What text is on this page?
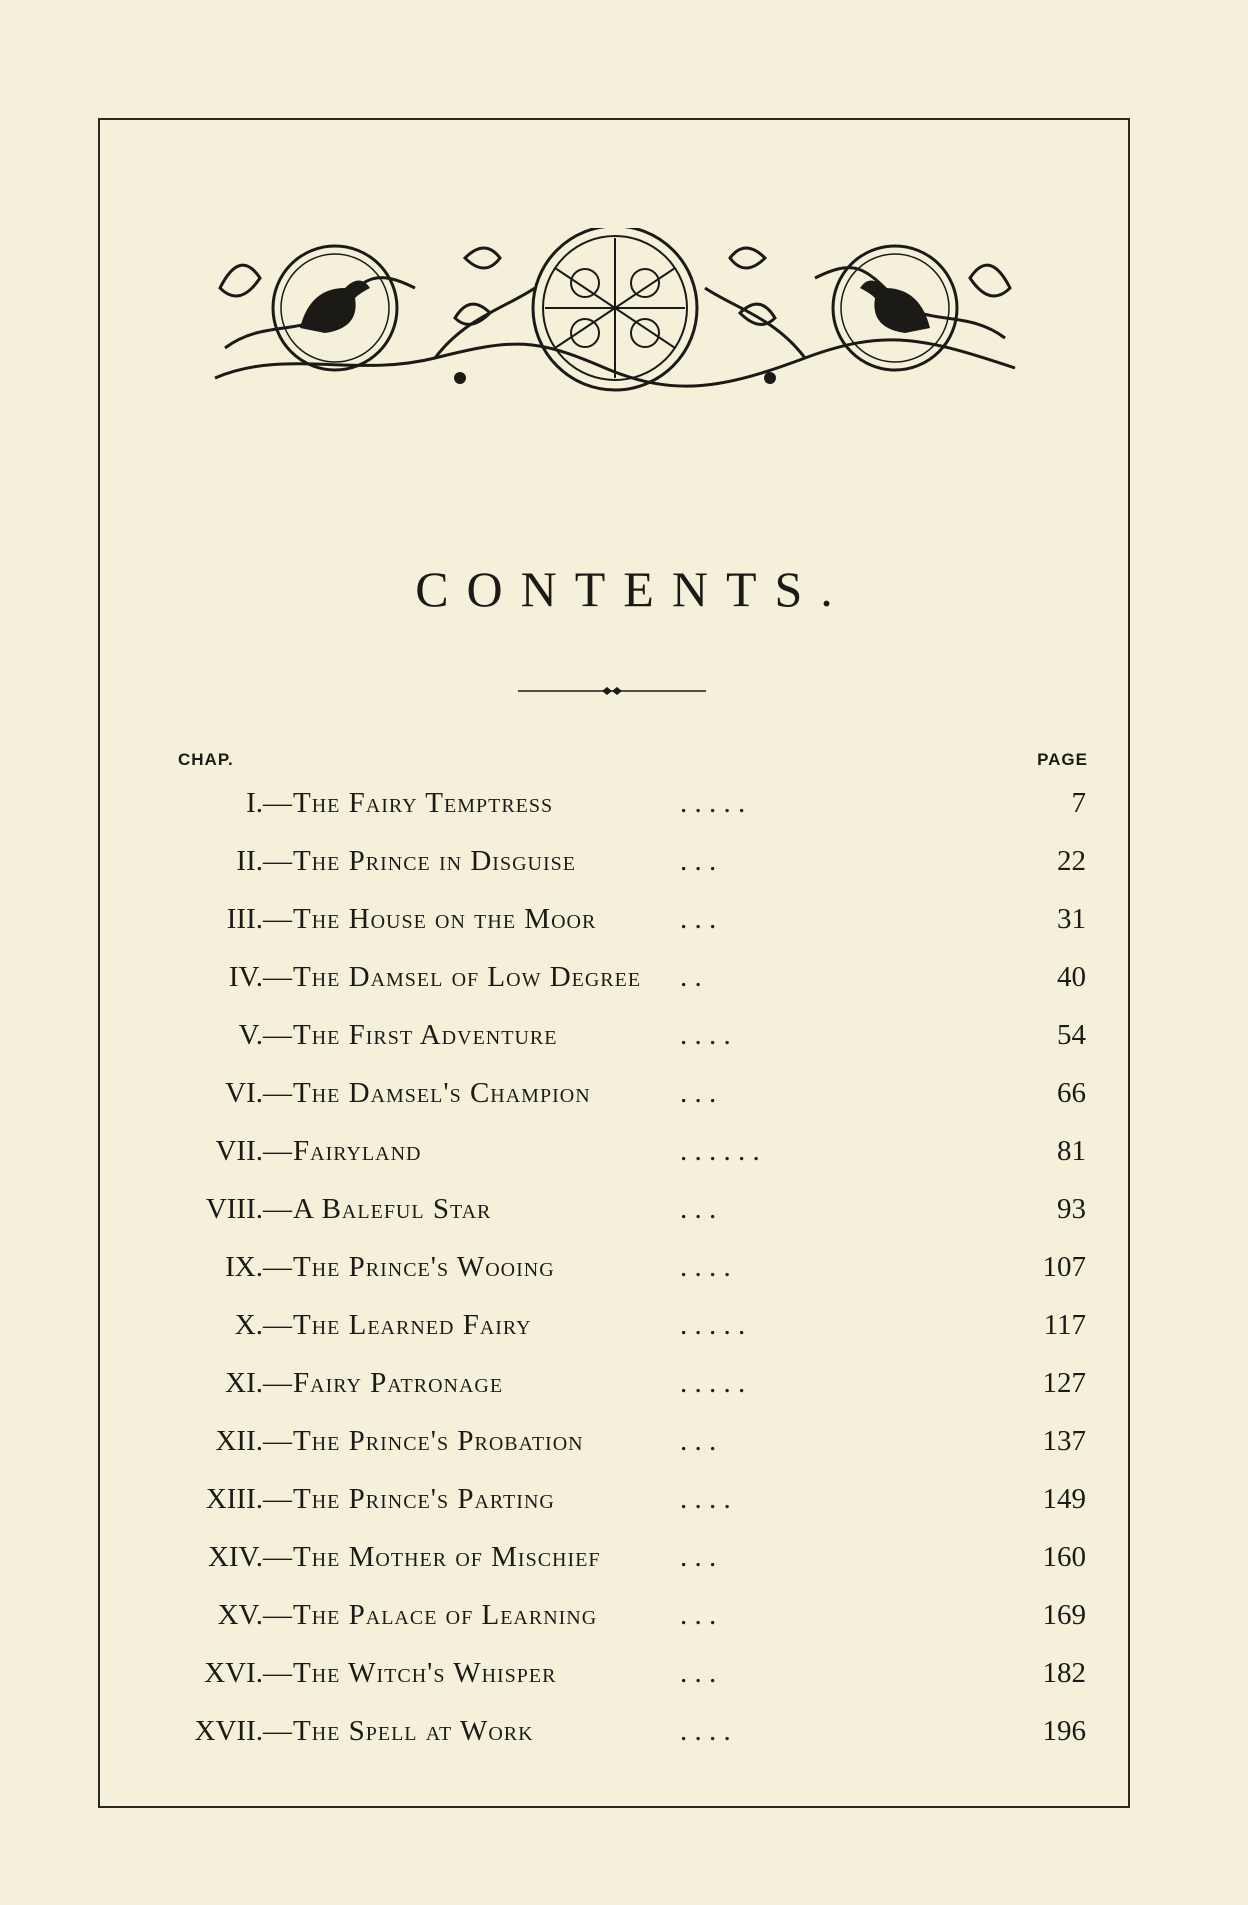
CONTENTS.
CHAP.	PAGE
I. —The Fairy Temptress	. . . . .	7
II. —The Prince in Disguise	. . .	22
III. —The House on the Moor	. . .	31
IV. —The Damsel of Low Degree . .	40
V. —The First Adventure	. . . .	54
VI. —The Damsel's Champion	. . .	66
VII. —Fairyland	. . . . . .	81
VIII. —A Baleful Star	. . .	93
IX. —The Prince's Wooing	. . . .	107
X. —The Learned Fairy	. . . . .	117
XI. —Fairy Patronage	. . . . .	127
XII. —The Prince's Probation	. . .	137
XIII. —The Prince's Parting	. . . .	149
XIV. —The Mother of Mischief	. . .	160
XV. —The Palace of Learning	. . .	169
XVI. —The Witch's Whisper	. . .	182
XVII. —The Spell at Work	. . . .	196
